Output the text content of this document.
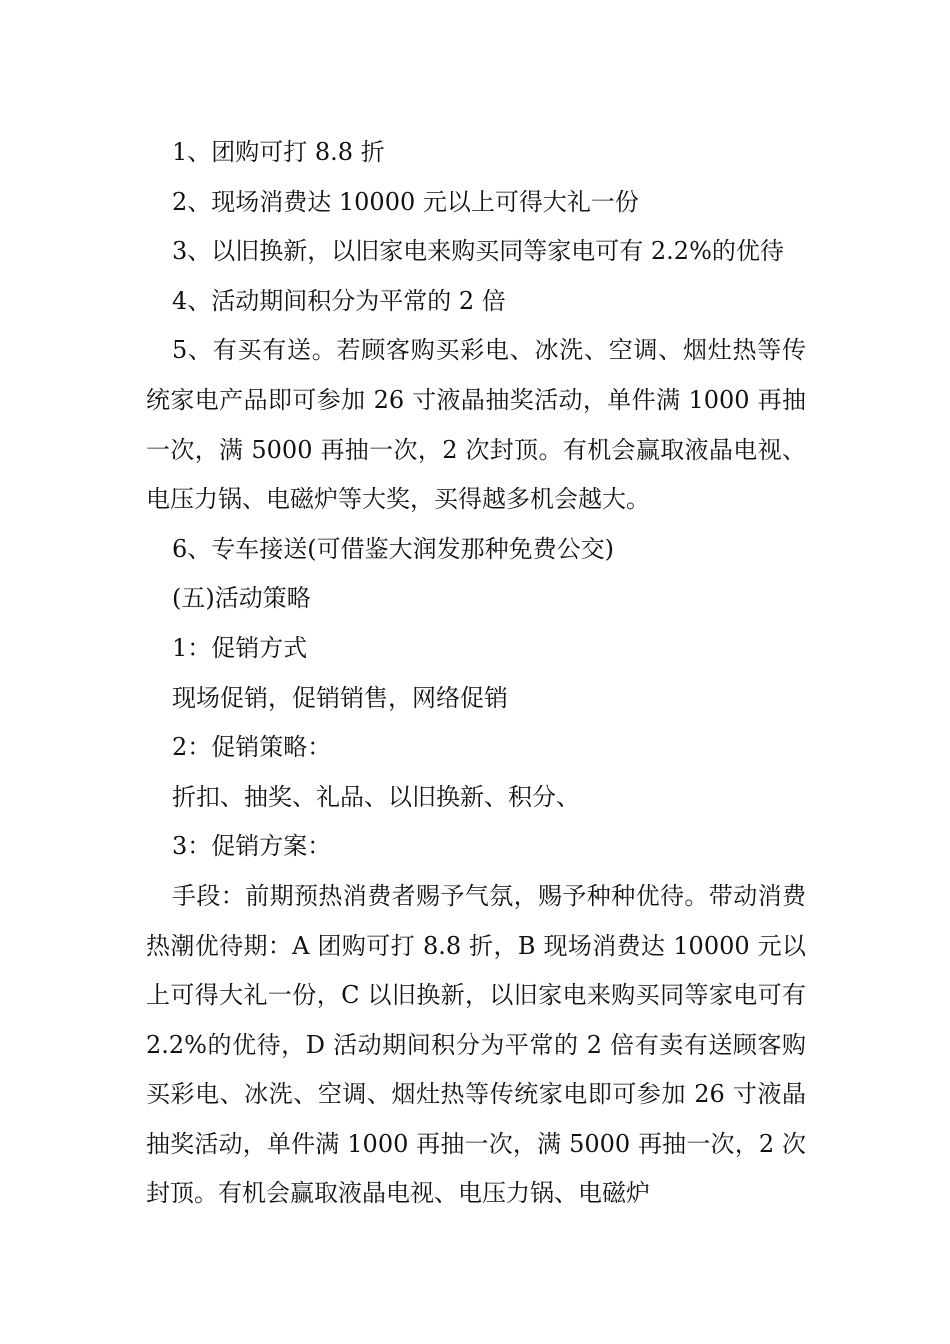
1、团购可打 8.8 折

2、现场消费达 10000 元以上可得大礼一份

3、以旧换新，以旧家电来购买同等家电可有 2.2%的优待

4、活动期间积分为平常的 2 倍

5、有买有送。若顾客购买彩电、冰洗、空调、烟灶热等传统家电产品即可参加 26 寸液晶抽奖活动，单件满 1000 再抽一次，满 5000 再抽一次，2 次封顶。有机会赢取液晶电视、电压力锅、电磁炉等大奖，买得越多机会越大。

6、专车接送(可借鉴大润发那种免费公交)

(五)活动策略

1：促销方式

现场促销，促销销售，网络促销

2：促销策略：

折扣、抽奖、礼品、以旧换新、积分、

3：促销方案：

手段：前期预热消费者赐予气氛，赐予种种优待。带动消费热潮优待期：A 团购可打 8.8 折，B 现场消费达 10000 元以上可得大礼一份，C 以旧换新，以旧家电来购买同等家电可有 2.2%的优待，D 活动期间积分为平常的 2 倍有卖有送顾客购买彩电、冰洗、空调、烟灶热等传统家电即可参加 26 寸液晶抽奖活动，单件满 1000 再抽一次，满 5000 再抽一次，2 次封顶。有机会赢取液晶电视、电压力锅、电磁炉
